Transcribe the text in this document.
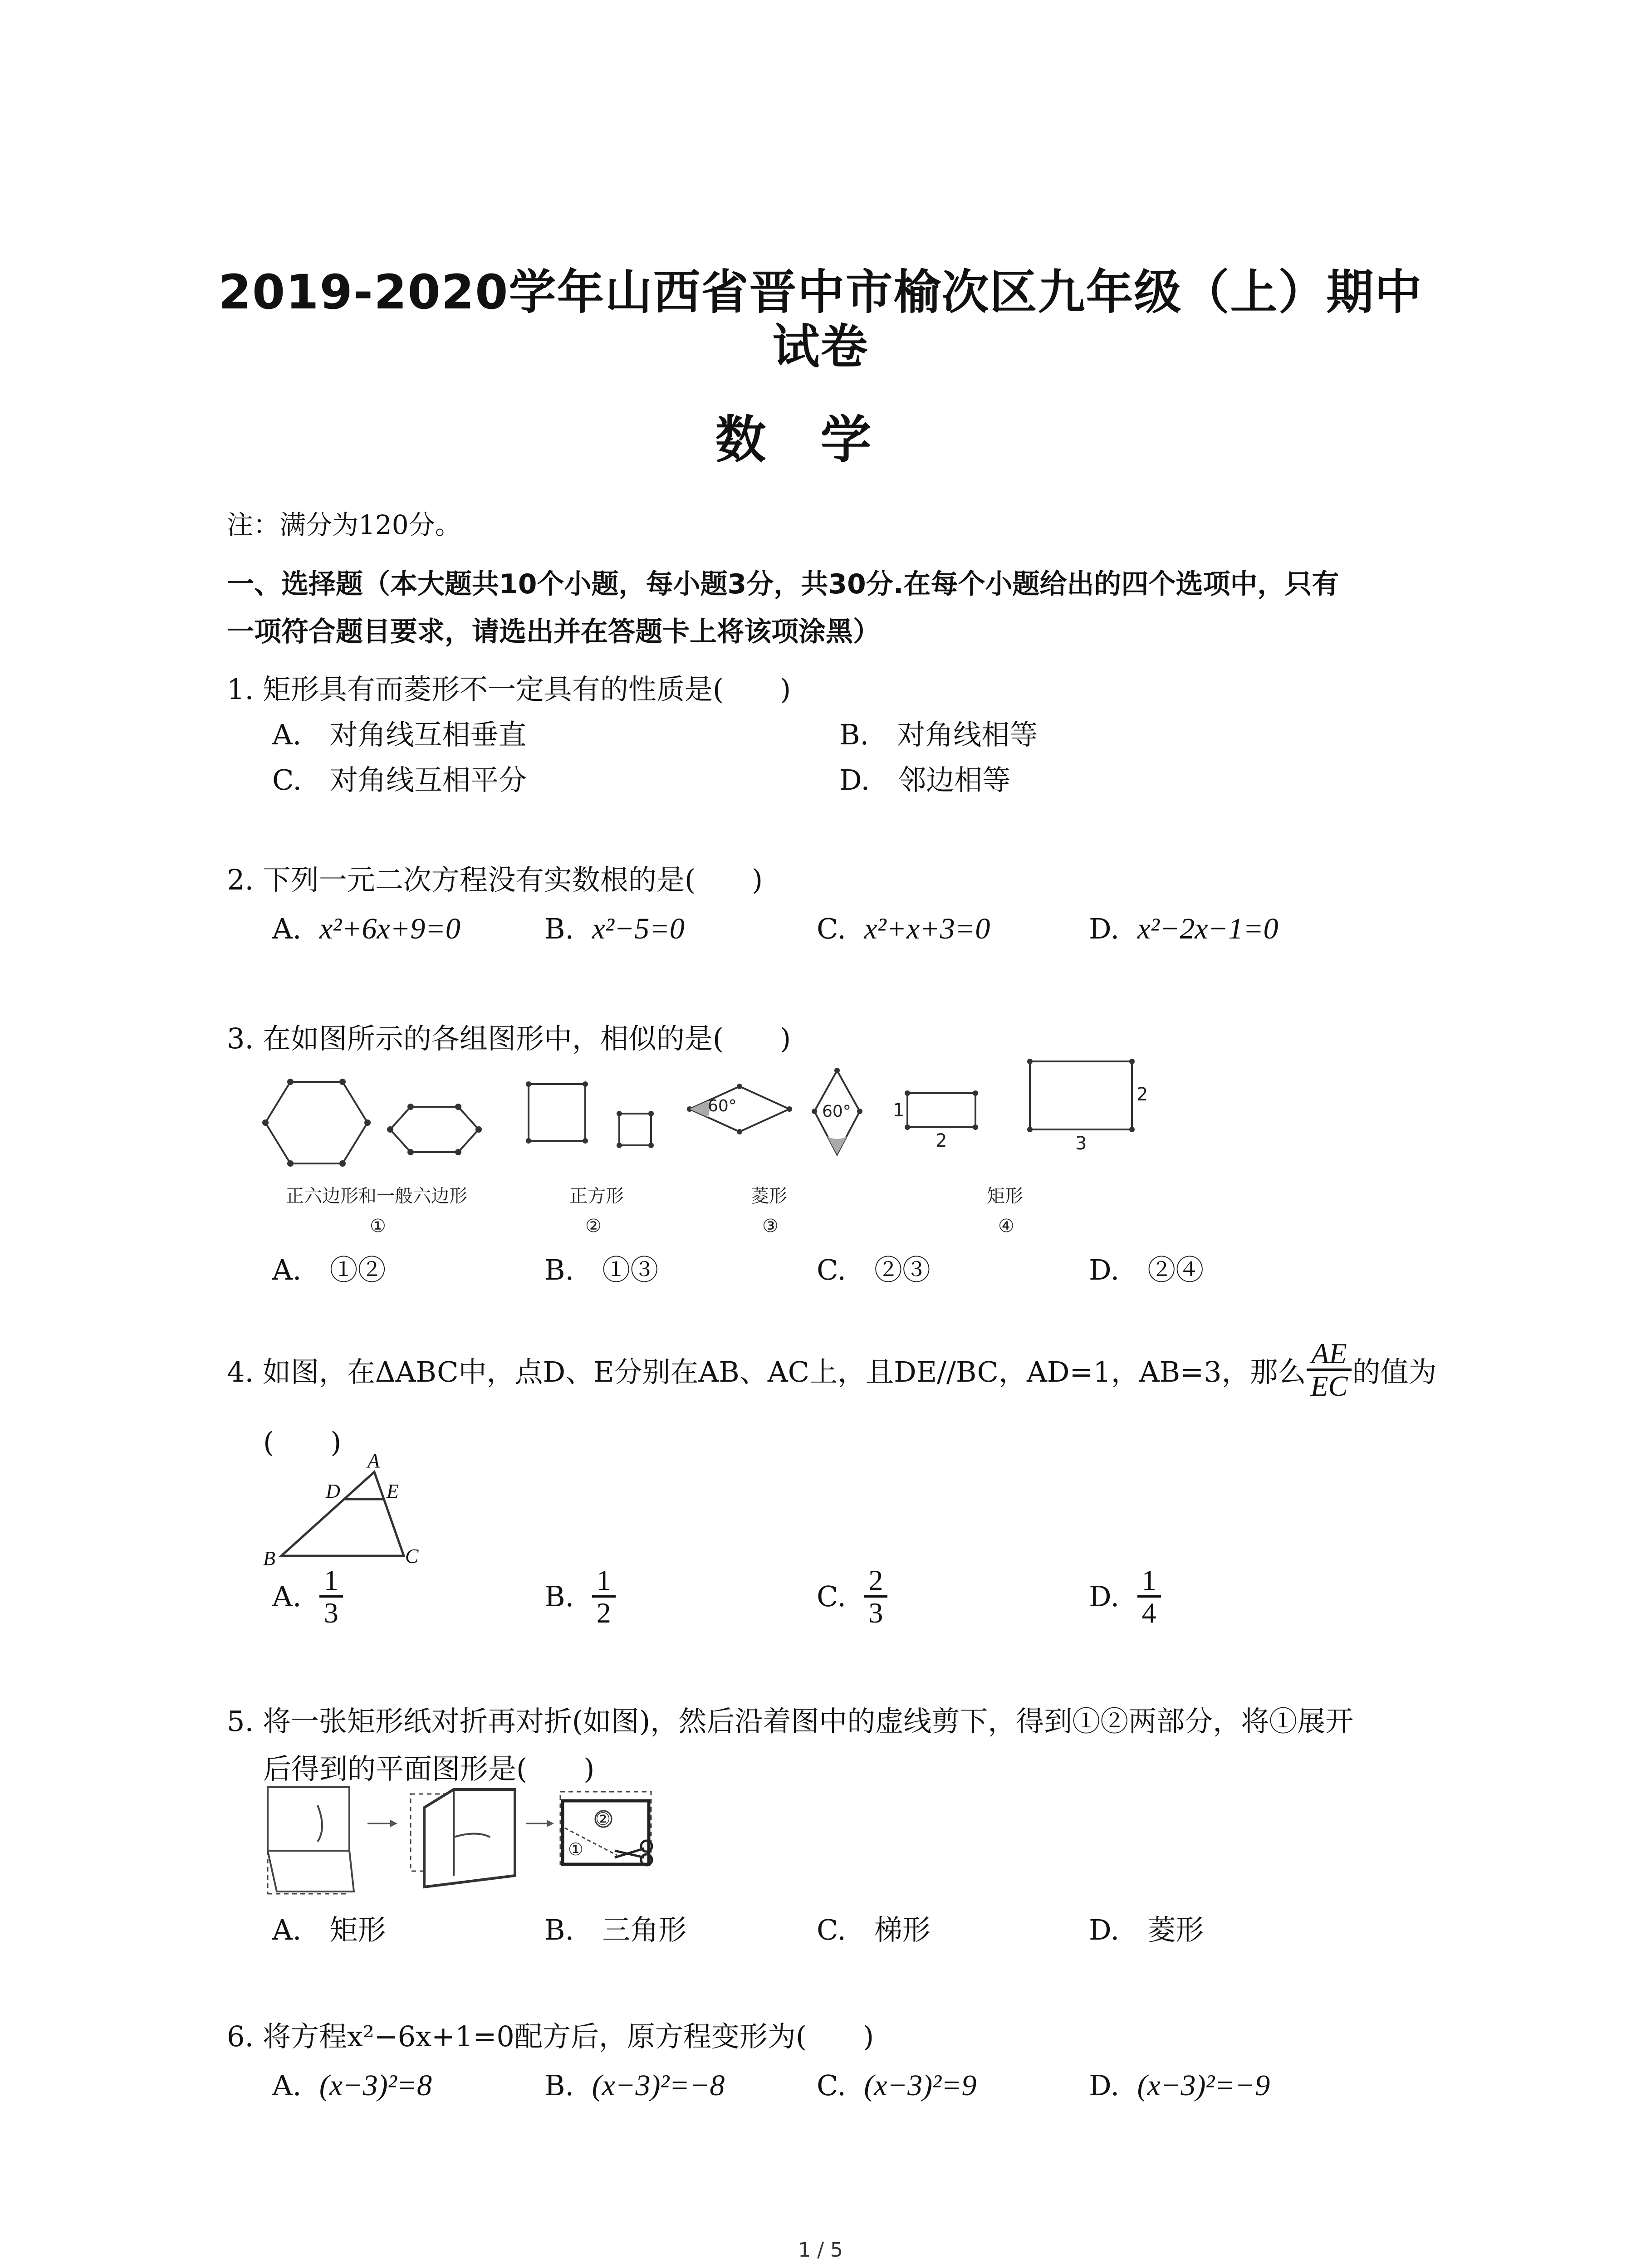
2019-2020学年山西省晋中市榆次区九年级（上）期中
试卷
数学
注：满分为120分。
一、选择题（本大题共10个小题，每小题3分，共30分.在每个小题给出的四个选项中，只有
一项符合题目要求，请选出并在答题卡上将该项涂黑）
1. 矩形具有而菱形不一定具有的性质是(　　)
A.　对角线互相垂直	B.　对角线相等
C.　对角线互相平分	D.　邻边相等
2. 下列一元二次方程没有实数根的是(　　)
A. x²+6x+9=0	B. x²−5=0	C. x²+x+3=0	D. x²−2x−1=0
3. 在如图所示的各组图形中，相似的是(　　)
60°	60° 1
2
2
3
正六边形和一般六边形	正方形	菱形	矩形
①	②	③	④
A.　①②	B.　①③	C.　②③	D.　②④
4. 如图，在ΔABC中，点D、E分别在AB、AC上，且DE//BC，AD=1，AB=3，那么 $\frac{AE}{EC}$ 的值为
(　　)
A
D E
B	C
A.
$\frac{1}{3}$	B.
$\frac{1}{2}$	C.
$\frac{2}{3}$	D.
$\frac{1}{4}$
5. 将一张矩形纸对折再对折(如图)，然后沿着图中的虚线剪下，得到①②两部分，将①展开
后得到的平面图形是(　　)
②
①
A.　矩形	B.　三角形	C.　梯形	D.　菱形
6. 将方程x²−6x+1=0配方后，原方程变形为(　　)
A. (x−3)²=8	B. (x−3)²=−8	C. (x−3)²=9	D. (x−3)²=−9
1 / 5
